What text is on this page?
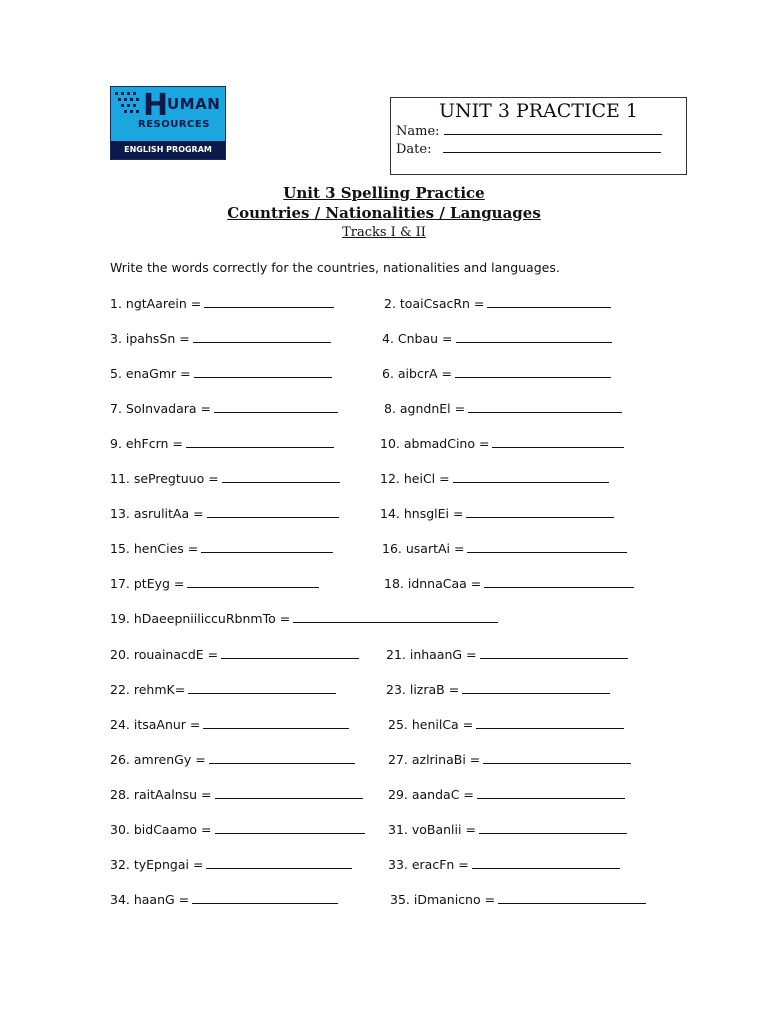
H
UMAN
RESOURCES
ENGLISH PROGRAM
UNIT 3 PRACTICE 1
Name:
Date:
Unit 3 Spelling Practice
Countries / Nationalities / Languages
Tracks I & II
Write the words correctly for the countries, nationalities and languages.
1. ngtAarein =	2. toaiCsacRn =
3. ipahsSn =	4. Cnbau =
5. enaGmr =	6. aibcrA =
7. SoInvadara =	8. agndnEl =
9. ehFcrn =	10. abmadCino =
11. sePregtuuo =	12. heiCl =
13. asrulitAa =	14. hnsglEi =
15. henCies =	16. usartAi =
17. ptEyg =	18. idnnaCaa =
19. hDaeepniiliccuRbnmTo =
20. rouainacdE =	21. inhaanG =
22. rehmK=	23. lizraB =
24. itsaAnur =	25. henilCa =
26. amrenGy =	27. azlrinaBi =
28. raitAalnsu =	29. aandaC =
30. bidCaamo =	31. voBanlii =
32. tyEpngai =	33. eracFn =
34. haanG =	35. iDmanicno =
